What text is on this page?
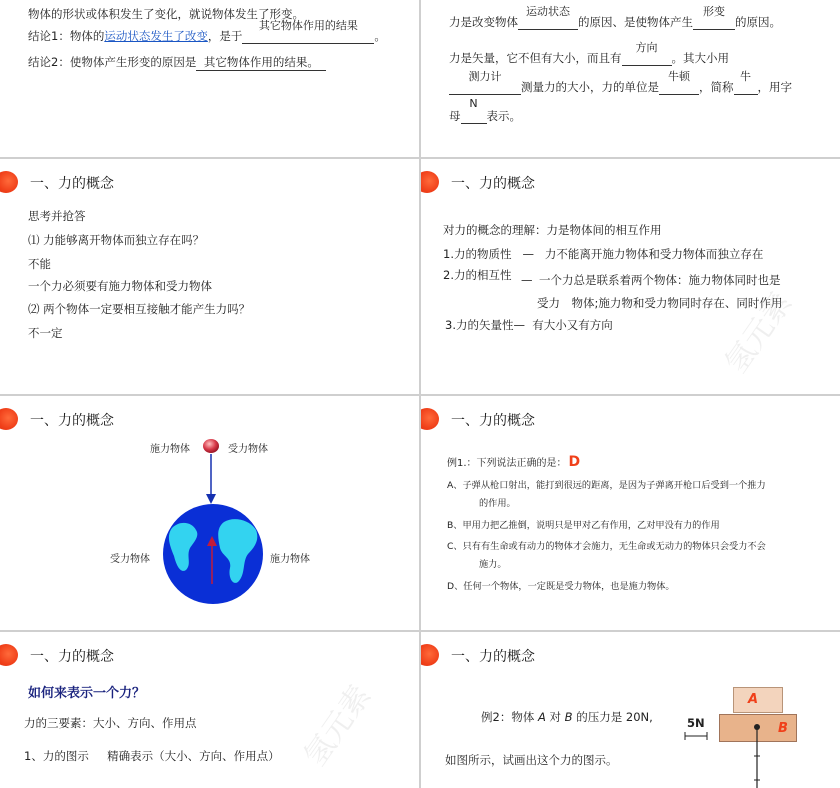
物体的形状或体积发生了变化，就说物体发生了形变。
结论1：物体的运动状态发生了改变，是于
其它物体作用的结果
。
结论2：使物体产生形变的原因是 其它物体作用的结果。
力是改变物体
运动状态
的原因、是使物体产生
形变
的原因。
力是矢量，它不但有大小，而且有
方向
。其大小用
测力计
测量力的大小，力的单位是
牛顿
，简称
牛
，用字
母
N
表示。
一、力的概念
思考并抢答
⑴ 力能够离开物体而独立存在吗？
不能
一个力必须要有施力物体和受力物体
⑵ 两个物体一定要相互接触才能产生力吗？
不一定
一、力的概念
对力的概念的理解：力是物体间的相互作用
1.力的物质性 — 力不能离开施力物体和受力物体而独立存在
2.力的相互性 — 一个力总是联系着两个物体：施力物体同时也是
受力　物体;施力物和受力物同时存在、同时作用
3.力的矢量性— 有大小又有方向	氢元素
一、力的概念
施力物体	受力物体
受力物体	施力物体
一、力的概念
例1.：下列说法正确的是： D
A、子弹从枪口射出，能打到很远的距离，是因为子弹离开枪口后受到一个推力
的作用。
B、甲用力把乙推倒，说明只是甲对乙有作用，乙对甲没有力的作用
C、只有有生命或有动力的物体才会施力，无生命或无动力的物体只会受力不会
施力。
D、任何一个物体，一定既是受力物体，也是施力物体。
一、力的概念
如何来表示一个力？
力的三要素：大小、方向、作用点
1、力的图示 精确表示（大小、方向、作用点） 氢元素
一、力的概念
例2：物体 A 对 B 的压力是 20N,
如图所示，试画出这个力的图示。
5N
A
B
